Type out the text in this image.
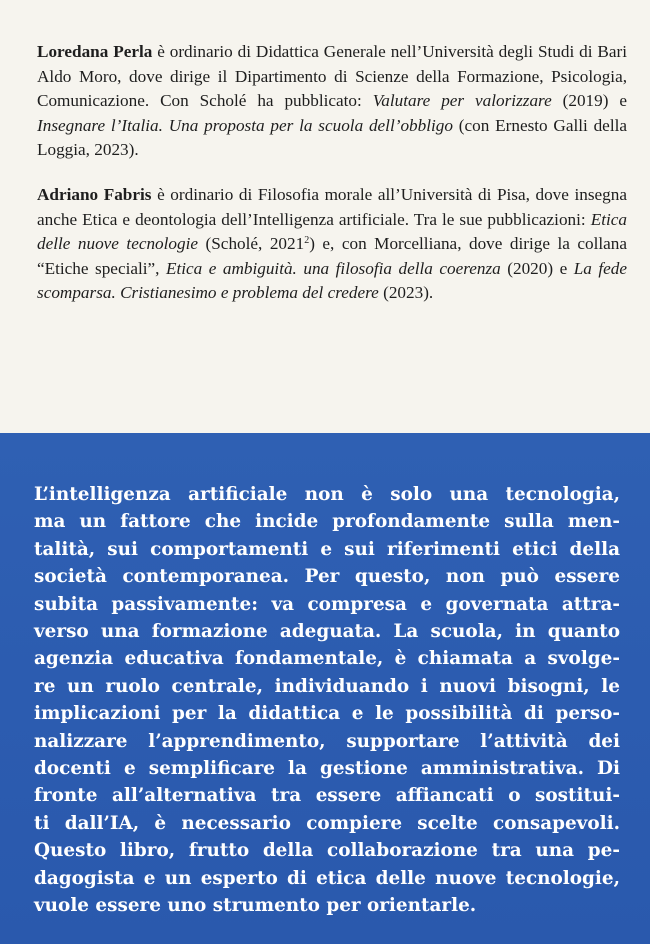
Loredana Perla è ordinario di Didattica Generale nell’Università degli Studi di Bari Aldo Moro, dove dirige il Dipartimento di Scienze della Formazione, Psicologia, Comunicazione. Con Scholé ha pubblicato: Valutare per valorizzare (2019) e Insegnare l’Italia. Una proposta per la scuola dell’obbligo (con Ernesto Galli della Loggia, 2023).

Adriano Fabris è ordinario di Filosofia morale all’Università di Pisa, dove insegna anche Etica e deontologia dell’Intelligenza artificiale. Tra le sue pubblicazioni: Etica delle nuove tecnologie (Scholé, 2021$^2$) e, con Morcelliana, dove dirige la collana “Etiche speciali”, Etica e ambiguità. una filosofia della coerenza (2020) e La fede scomparsa. Cristianesimo e problema del credere (2023).

L’intelligenza artificiale non è solo una tecnologia,
ma un fattore che incide profondamente sulla men-
talità, sui comportamenti e sui riferimenti etici della
società contemporanea. Per questo, non può essere
subita passivamente: va compresa e governata attra-
verso una formazione adeguata. La scuola, in quanto
agenzia educativa fondamentale, è chiamata a svolge-
re un ruolo centrale, individuando i nuovi bisogni, le
implicazioni per la didattica e le possibilità di perso-
nalizzare l’apprendimento, supportare l’attività dei
docenti e semplificare la gestione amministrativa. Di
fronte all’alternativa tra essere affiancati o sostitui-
ti dall’IA, è necessario compiere scelte consapevoli.
Questo libro, frutto della collaborazione tra una pe-
dagogista e un esperto di etica delle nuove tecnologie,
vuole essere uno strumento per orientarle.
